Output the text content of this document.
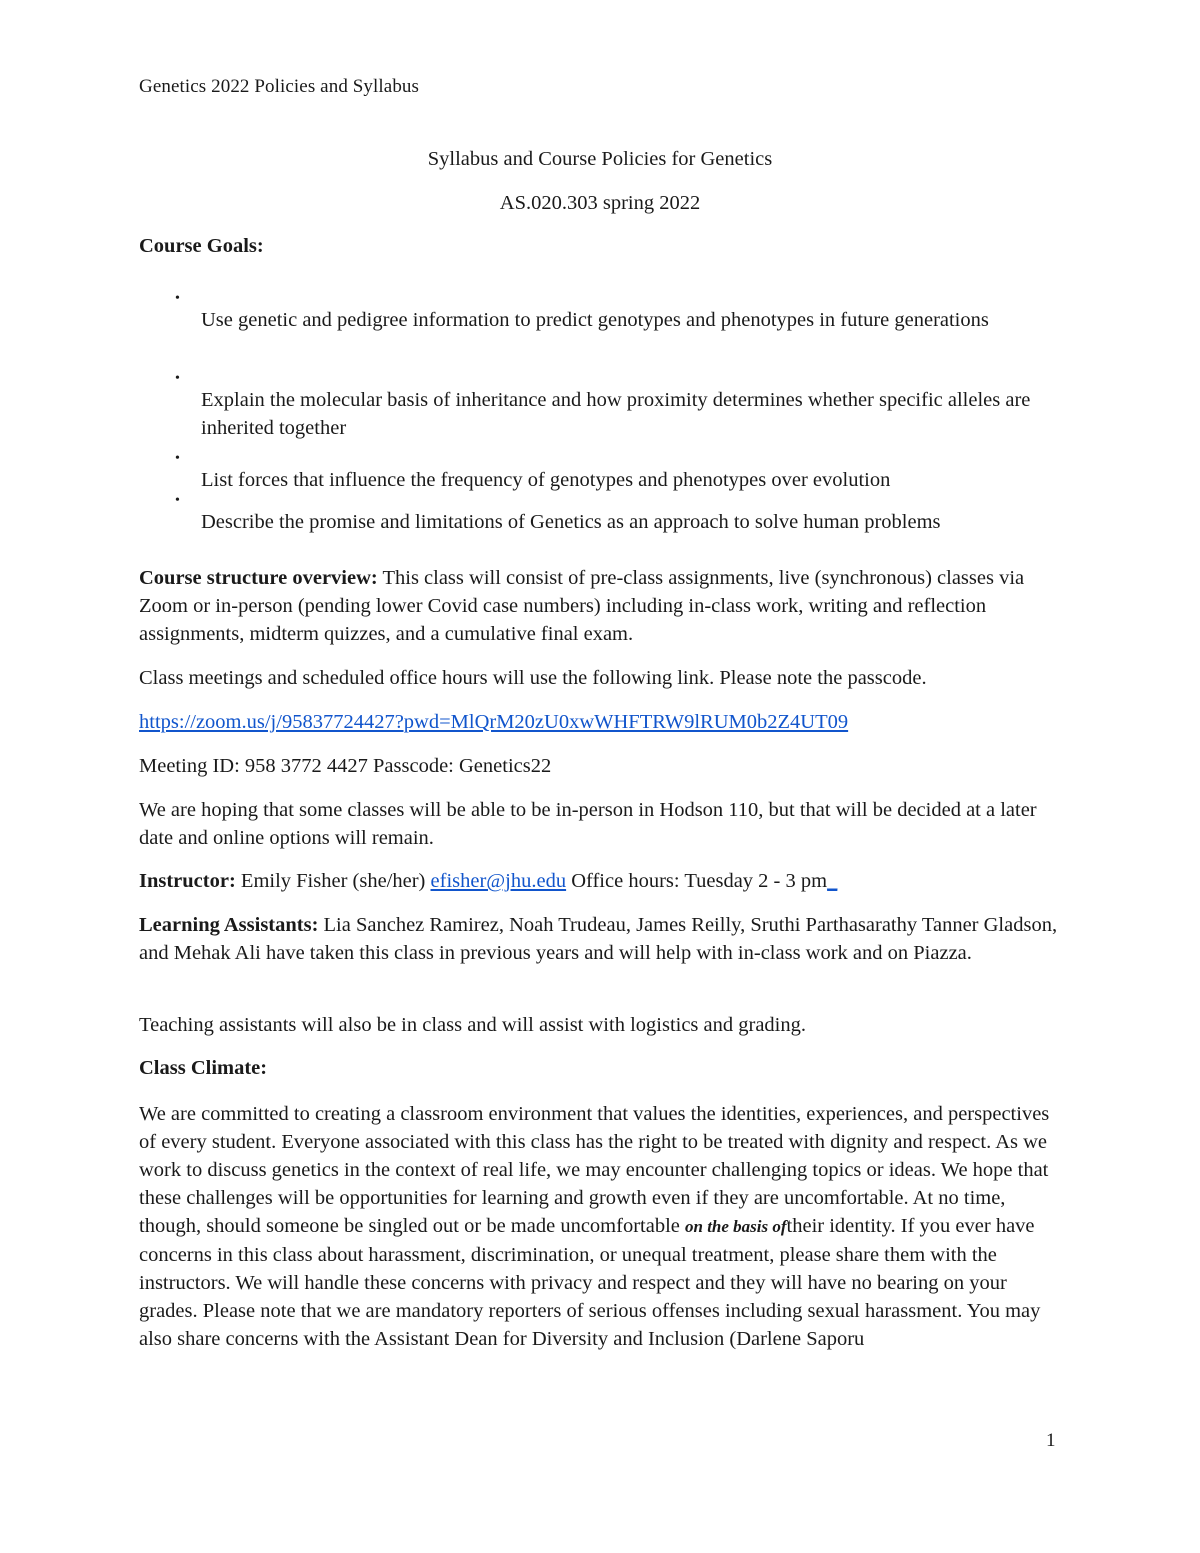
Genetics 2022 Policies and Syllabus
Syllabus and Course Policies for Genetics
AS.020.303 spring 2022
Course Goals:
•
Use genetic and pedigree information to predict genotypes and phenotypes in future generations
•
Explain the molecular basis of inheritance and how proximity determines whether specific alleles are inherited together
•
List forces that influence the frequency of genotypes and phenotypes over evolution
•
Describe the promise and limitations of Genetics as an approach to solve human problems
Course structure overview: This class will consist of pre-class assignments, live (synchronous) classes via Zoom or in-person (pending lower Covid case numbers) including in-class work, writing and reflection assignments, midterm quizzes, and a cumulative final exam.
Class meetings and scheduled office hours will use the following link. Please note the passcode.
https://zoom.us/j/95837724427?pwd=MlQrM20zU0xwWHFTRW9lRUM0b2Z4UT09
Meeting ID: 958 3772 4427 Passcode: Genetics22
We are hoping that some classes will be able to be in-person in Hodson 110, but that will be decided at a later date and online options will remain.
Instructor: Emily Fisher (she/her) efisher@jhu.edu Office hours: Tuesday 2 - 3 pm_
Learning Assistants: Lia Sanchez Ramirez, Noah Trudeau, James Reilly, Sruthi Parthasarathy Tanner Gladson, and Mehak Ali have taken this class in previous years and will help with in-class work and on Piazza.
Teaching assistants will also be in class and will assist with logistics and grading.
Class Climate:
We are committed to creating a classroom environment that values the identities, experiences, and perspectives of every student. Everyone associated with this class has the right to be treated with dignity and respect. As we work to discuss genetics in the context of real life, we may encounter challenging topics or ideas. We hope that these challenges will be opportunities for learning and growth even if they are uncomfortable. At no time, though, should someone be singled out or be made uncomfortable on the basis oftheir identity. If you ever have concerns in this class about harassment, discrimination, or unequal treatment, please share them with the instructors. We will handle these concerns with privacy and respect and they will have no bearing on your grades. Please note that we are mandatory reporters of serious offenses including sexual harassment. You may also share concerns with the Assistant Dean for Diversity and Inclusion (Darlene Saporu
1
